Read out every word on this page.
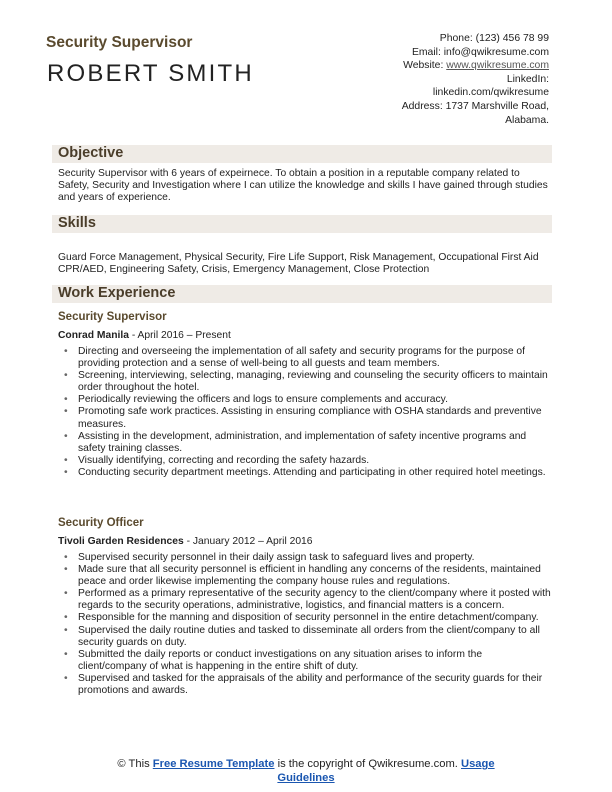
Security Supervisor
ROBERT SMITH
Phone: (123) 456 78 99
Email: info@qwikresume.com
Website: www.qwikresume.com
LinkedIn:
linkedin.com/qwikresume
Address: 1737 Marshville Road,
Alabama.
Objective
Security Supervisor with 6 years of expeirnece. To obtain a position in a reputable company related to Safety, Security and Investigation where I can utilize the knowledge and skills I have gained through studies and years of experience.
Skills
Guard Force Management, Physical Security, Fire Life Support, Risk Management, Occupational First Aid CPR/AED, Engineering Safety, Crisis, Emergency Management, Close Protection
Work Experience
Security Supervisor
Conrad Manila - April 2016 – Present
• Directing and overseeing the implementation of all safety and security programs for the purpose of providing protection and a sense of well-being to all guests and team members.
• Screening, interviewing, selecting, managing, reviewing and counseling the security officers to maintain order throughout the hotel.
• Periodically reviewing the officers and logs to ensure complements and accuracy.
• Promoting safe work practices. Assisting in ensuring compliance with OSHA standards and preventive measures.
• Assisting in the development, administration, and implementation of safety incentive programs and safety training classes.
• Visually identifying, correcting and recording the safety hazards.
• Conducting security department meetings. Attending and participating in other required hotel meetings.
Security Officer
Tivoli Garden Residences - January 2012 – April 2016
• Supervised security personnel in their daily assign task to safeguard lives and property.
• Made sure that all security personnel is efficient in handling any concerns of the residents, maintained peace and order likewise implementing the company house rules and regulations.
• Performed as a primary representative of the security agency to the client/company where it posted with regards to the security operations, administrative, logistics, and financial matters is a concern.
• Responsible for the manning and disposition of security personnel in the entire detachment/company.
• Supervised the daily routine duties and tasked to disseminate all orders from the client/company to all security guards on duty.
• Submitted the daily reports or conduct investigations on any situation arises to inform the client/company of what is happening in the entire shift of duty.
• Supervised and tasked for the appraisals of the ability and performance of the security guards for their promotions and awards.
© This Free Resume Template is the copyright of Qwikresume.com. Usage
Guidelines
